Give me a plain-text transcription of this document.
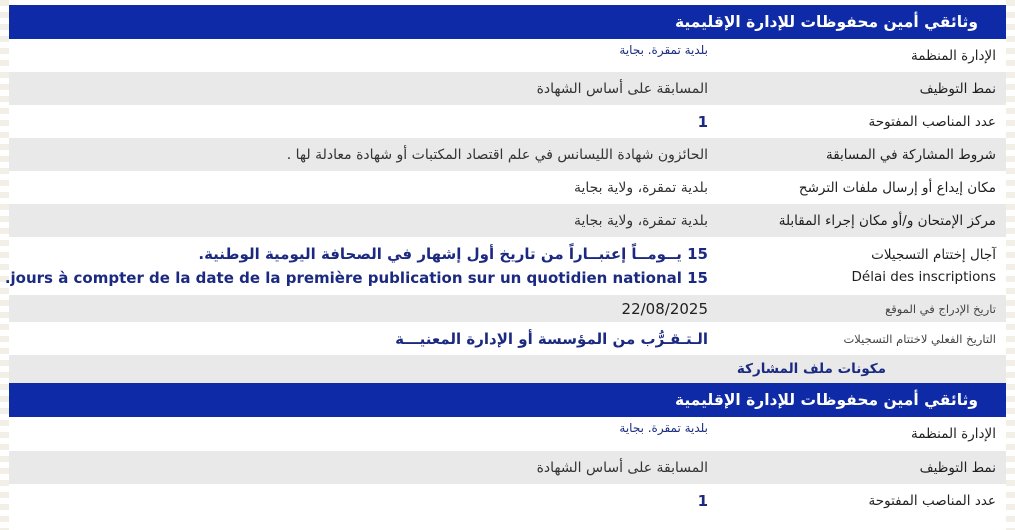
وثائقي أمين محفوظات للإدارة الإقليمية
الإدارة المنظمة
بلدية تمقرة. بجاية
نمط التوظيف
المسابقة على أساس الشهادة
عدد المناصب المفتوحة
1
شروط المشاركة في المسابقة
الحائزون شهادة الليسانس في علم اقتصاد المكتبات أو شهادة معادلة لها .
مكان إيداع أو إرسال ملفات الترشح
بلدية تمقرة، ولاية بجاية
مركز الإمتحان و/أو مكان إجراء المقابلة
بلدية تمقرة، ولاية بجاية
آجال إختتام التسجيلات
Délai des inscriptions
15 يــومــاً إعتبــاراً من تاريخ أول إشهار في الصحافة اليومية الوطنية.
15 jours à compter de la date de la première publication sur un quotidien national.
تاريخ الإدراج في الموقع
22/08/2025
التاريخ الفعلي لاختتام التسجيلات
الـتـقـرُّب من المؤسسة أو الإدارة المعنيـــة
مكونات ملف المشاركة
وثائقي أمين محفوظات للإدارة الإقليمية
الإدارة المنظمة
بلدية تمقرة. بجاية
نمط التوظيف
المسابقة على أساس الشهادة
عدد المناصب المفتوحة
1
